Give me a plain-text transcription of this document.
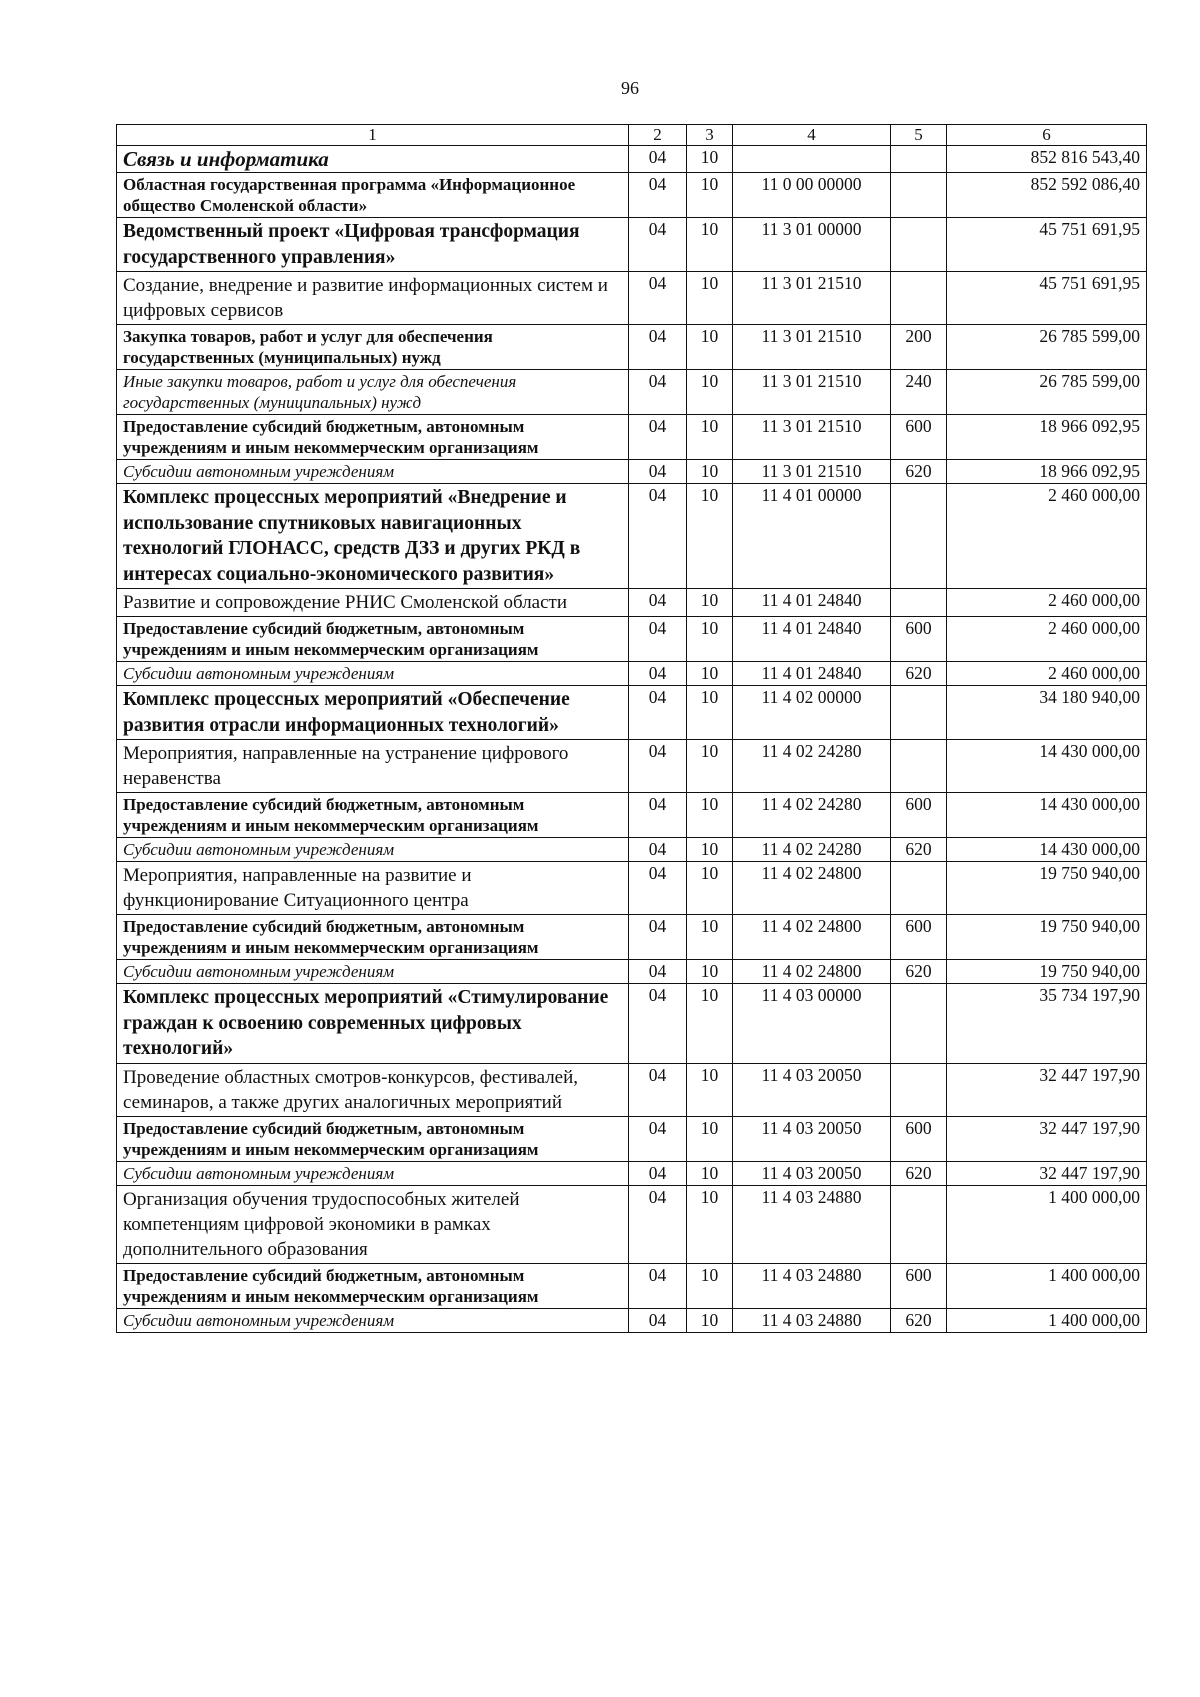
96
1	2	3	4	5	6
Связь и информатика	04	10			852 816 543,40
Областная государственная программа «Информационное общество Смоленской области»	04	10	11 0 00 00000		852 592 086,40
Ведомственный проект «Цифровая трансформация государственного управления»	04	10	11 3 01 00000		45 751 691,95
Создание, внедрение и развитие информационных систем и цифровых сервисов	04	10	11 3 01 21510		45 751 691,95
Закупка товаров, работ и услуг для обеспечения государственных (муниципальных) нужд	04	10	11 3 01 21510	200	26 785 599,00
Иные закупки товаров, работ и услуг для обеспечения государственных (муниципальных) нужд	04	10	11 3 01 21510	240	26 785 599,00
Предоставление субсидий бюджетным, автономным учреждениям и иным некоммерческим организациям	04	10	11 3 01 21510	600	18 966 092,95
Субсидии автономным учреждениям	04	10	11 3 01 21510	620	18 966 092,95
Комплекс процессных мероприятий «Внедрение и использование спутниковых навигационных технологий ГЛОНАСС, средств ДЗЗ и других РКД в интересах социально-экономического развития»	04	10	11 4 01 00000		2 460 000,00
Развитие и сопровождение РНИС Смоленской области	04	10	11 4 01 24840		2 460 000,00
Предоставление субсидий бюджетным, автономным учреждениям и иным некоммерческим организациям	04	10	11 4 01 24840	600	2 460 000,00
Субсидии автономным учреждениям	04	10	11 4 01 24840	620	2 460 000,00
Комплекс процессных мероприятий «Обеспечение развития отрасли информационных технологий»	04	10	11 4 02 00000		34 180 940,00
Мероприятия, направленные на устранение цифрового неравенства	04	10	11 4 02 24280		14 430 000,00
Предоставление субсидий бюджетным, автономным учреждениям и иным некоммерческим организациям	04	10	11 4 02 24280	600	14 430 000,00
Субсидии автономным учреждениям	04	10	11 4 02 24280	620	14 430 000,00
Мероприятия, направленные на развитие и функционирование Ситуационного центра	04	10	11 4 02 24800		19 750 940,00
Предоставление субсидий бюджетным, автономным учреждениям и иным некоммерческим организациям	04	10	11 4 02 24800	600	19 750 940,00
Субсидии автономным учреждениям	04	10	11 4 02 24800	620	19 750 940,00
Комплекс процессных мероприятий «Стимулирование граждан к освоению современных цифровых технологий»	04	10	11 4 03 00000		35 734 197,90
Проведение областных смотров-конкурсов, фестивалей, семинаров, а также других аналогичных мероприятий	04	10	11 4 03 20050		32 447 197,90
Предоставление субсидий бюджетным, автономным учреждениям и иным некоммерческим организациям	04	10	11 4 03 20050	600	32 447 197,90
Субсидии автономным учреждениям	04	10	11 4 03 20050	620	32 447 197,90
Организация обучения трудоспособных жителей компетенциям цифровой экономики в рамках дополнительного образования	04	10	11 4 03 24880		1 400 000,00
Предоставление субсидий бюджетным, автономным учреждениям и иным некоммерческим организациям	04	10	11 4 03 24880	600	1 400 000,00
Субсидии автономным учреждениям	04	10	11 4 03 24880	620	1 400 000,00
